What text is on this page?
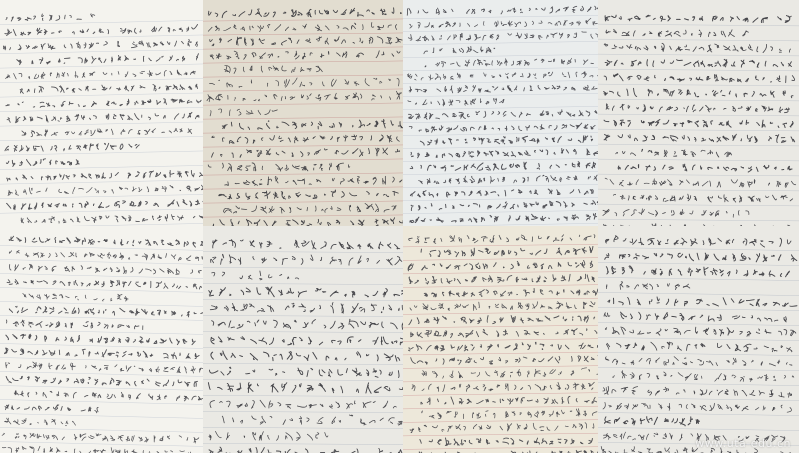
www.uta-edu.cn
